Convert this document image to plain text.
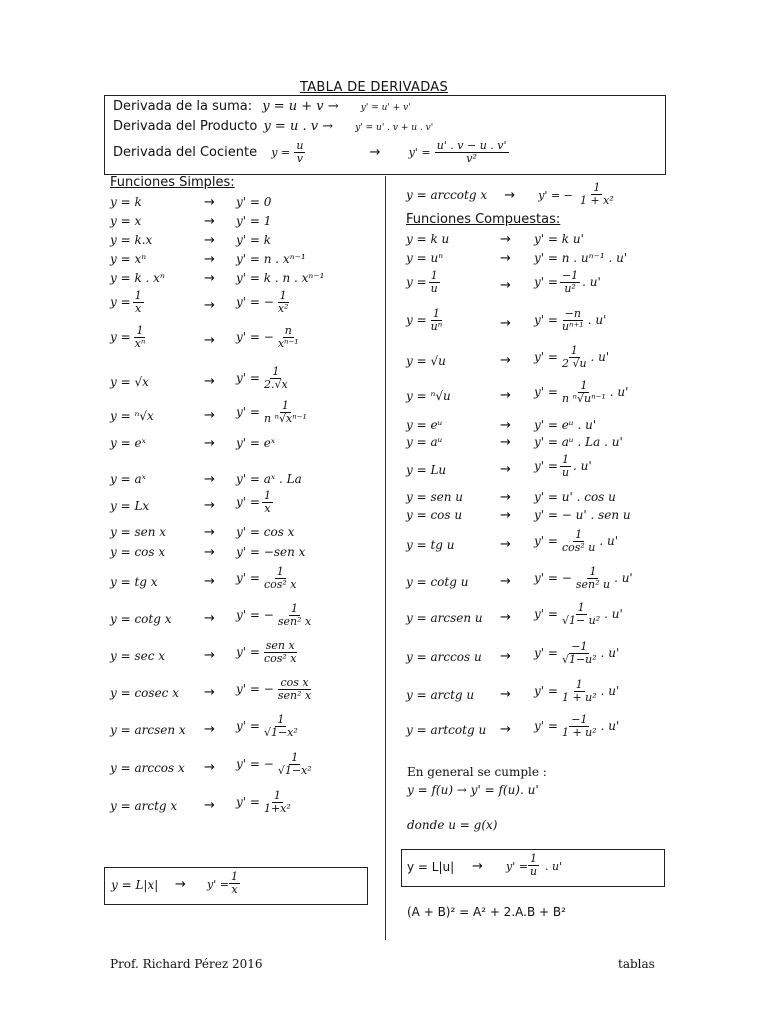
TABLA DE DERIVADAS
Derivada de la suma: y = u + v → y' = u' + v'
Derivada del Producto y = u . v → y' = u' . v + u . v'
Derivada del Cociente $y = \frac{u}{v}$	→	$y' = \frac{u' . v - u . v'}{\text{v²}}$
Funciones Simples:
y = k	→ y' = 0
y = x	→ y' = 1
y = k.x	→ y' = k
y = xⁿ	→ y' = n . xⁿ⁻¹
y = k . xⁿ	→ y' = k . n . xⁿ⁻¹
$y = \frac{1}{x}$	→ y' = − $\frac{1}{\text{x²}}$
$y = \frac{1}{\text{xⁿ}}$	→ y' = − $\frac{n}{\text{xⁿ⁻¹}}$
y = √x	→ $y' = \frac{1}{2.√x}$
y = ⁿ√x	→ $y' = \frac{1}{\text{n ⁿ√xⁿ⁻¹}}$
y = eˣ	→ y' = eˣ
y = aˣ	→ y' = aˣ . La
y = Lx	→ $y' = \frac{1}{x}$
y = sen x	→ y' = cos x
y = cos x	→ y' = −sen x
y = tg x	→ $y' = \frac{1}{\text{cos² x}}$
y = cotg x	→ y' = − $\frac{1}{\text{sen² x}}$
y = sec x	→ $y' = \frac{\text{sen x}}{\text{cos² x}}$
y = cosec x → y' = − $\frac{\text{cos x}}{\text{sen² x}}$
y = arcsen $x \to y' = \frac{1}{\text{√1−x²}}$
y = arccos x → y' = − $\frac{1}{\text{√1−x²}}$
y = arctg $x \to y' = \frac{1}{\text{1+x²}}$
$y = L|x| \to y' = \frac{1}{x}$
y = arccotg x → y' = − $\frac{1}{\text{1 + x²}}$
Funciones Compuestas:
y = k u	→ y' = k u'
y = uⁿ	→ y' = n . uⁿ⁻¹ . u'
$y = \frac{1}{u}$	→ $y' = \frac{-1}{\text{u²}}$ . u'
$y = \frac{1}{\text{uⁿ}}$	→ $y' = \frac{-n}{\text{uⁿ⁺¹}}$ . u'
y = √u	→ $y' = \frac{1}{2 √u}$ . u'
y = ⁿ√u	→ $y' = \frac{1}{\text{n ⁿ√uⁿ⁻¹}}$ . u'
y = eᵘ	→ y' = eᵘ . u'
y = aᵘ	→ y' = aᵘ . La . u'
y = Lu	→ $y' = \frac{1}{u}$ . u'
y = sen u	→ y' = u' . cos u
y = cos u	→ y' = − u' . sen u
y = tg u	→ $y' = \frac{1}{\text{cos² u}}$ . u'
y = cotg u → y' = − $\frac{1}{\text{sen² u}}$ . u'
y = arcsen $u \to y' = \frac{1}{\text{√1− u²}}$ . u'
$y = \arccos u \to y' = \frac{-1}{\text{√1−u²}}$ . u'
y = arctg $u \to y' = \frac{1}{\text{1 + u²}}$ . u'
y = artcotg $u \to y' = \frac{-1}{\text{1 + u²}}$ . u'
En general se cumple :
y = f(u) → y' = f(u). u'
donde u = g(x)
$y = L|u| \to y' = \frac{1}{u}$ . u'
(A + B)² = A² + 2.A.B + B²
Prof. Richard Pérez 2016	tablas
